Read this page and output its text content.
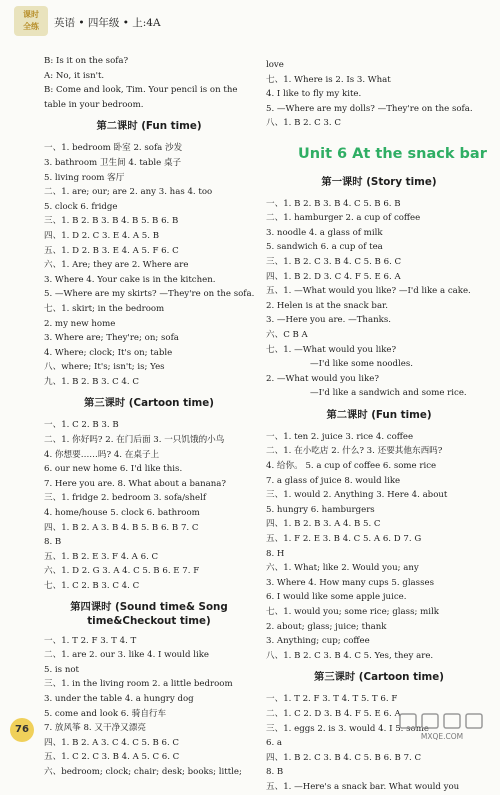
课时
全练	英语 • 四年级 • 上:4A

B: Is it on the sofa?

A: No, it isn't.

B: Come and look, Tim. Your pencil is on the

table in your bedroom.

第二课时 (Fun time)

一、1. bedroom 卧室 2. sofa 沙发

3. bathroom 卫生间 4. table 桌子

5. living room 客厅

二、1. are; our; are 2. any 3. has 4. too

5. clock 6. fridge

三、1. B 2. B 3. B 4. B 5. B 6. B

四、1. D 2. C 3. E 4. A 5. B

五、1. D 2. B 3. E 4. A 5. F 6. C

六、1. Are; they are 2. Where are

3. Where 4. Your cake is in the kitchen.

5. —Where are my skirts? —They're on the sofa.

七、1. skirt; in the bedroom

2. my new home

3. Where are; They're; on; sofa

4. Where; clock; It's on; table

八、where; It's; isn't; is; Yes

九、1. B 2. B 3. C 4. C

第三课时 (Cartoon time)

一、1. C 2. B 3. B

二、1. 你好吗? 2. 在门后面 3. 一只饥饿的小鸟

4. 你想要……吗? 4. 在桌子上

6. our new home 6. I'd like this.

7. Here you are. 8. What about a banana?

三、1. fridge 2. bedroom 3. sofa/shelf

4. home/house 5. clock 6. bathroom

四、1. B 2. A 3. B 4. B 5. B 6. B 7. C

8. B

五、1. B 2. E 3. F 4. A 6. C

六、1. D 2. G 3. A 4. C 5. B 6. E 7. F

七、1. C 2. B 3. C 4. C

第四课时 (Sound time& Song time&Checkout time)

一、1. T 2. F 3. T 4. T

二、1. are 2. our 3. like 4. I would like

5. is not

三、1. in the living room 2. a little bedroom

3. under the table 4. a hungry dog

5. come and look 6. 骑自行车

7. 放风筝 8. 又干净又漂亮

四、1. B 2. A 3. C 4. C 5. B 6. C

五、1. C 2. C 3. B 4. A 5. C 6. C

六、bedroom; clock; chair; desk; books; little;

love

七、1. Where is 2. Is 3. What

4. I like to fly my kite.

5. —Where are my dolls? —They're on the sofa.

八、1. B 2. C 3. C

Unit 6 At the snack bar
第一课时 (Story time)

一、1. B 2. B 3. B 4. C 5. B 6. B

二、1. hamburger 2. a cup of coffee

3. noodle 4. a glass of milk

5. sandwich 6. a cup of tea

三、1. B 2. C 3. B 4. C 5. B 6. C

四、1. B 2. D 3. C 4. F 5. E 6. A

五、1. —What would you like? —I'd like a cake.

2. Helen is at the snack bar.

3. —Here you are. —Thanks.

六、C B A

七、1. —What would you like?

—I'd like some noodles.

2. —What would you like?

—I'd like a sandwich and some rice.

第二课时 (Fun time)

一、1. ten 2. juice 3. rice 4. coffee

二、1. 在小吃店 2. 什么? 3. 还要其他东西吗?

4. 给你。 5. a cup of coffee 6. some rice

7. a glass of juice 8. would like

三、1. would 2. Anything 3. Here 4. about

5. hungry 6. hamburgers

四、1. B 2. B 3. A 4. B 5. C

五、1. F 2. E 3. B 4. C 5. A 6. D 7. G

8. H

六、1. What; like 2. Would you; any

3. Where 4. How many cups 5. glasses

6. I would like some apple juice.

七、1. would you; some rice; glass; milk

2. about; glass; juice; thank

3. Anything; cup; coffee

八、1. B 2. C 3. B 4. C 5. Yes, they are.

第三课时 (Cartoon time)

一、1. T 2. F 3. T 4. T 5. T 6. F

二、1. C 2. D 3. B 4. F 5. E 6. A

三、1. eggs 2. is 3. would 4. I 5. some

6. a

四、1. B 2. C 3. B 4. C 5. B 6. B 7. C

8. B

五、1. —Here's a snack bar. What would you

76
MXQE.COM
